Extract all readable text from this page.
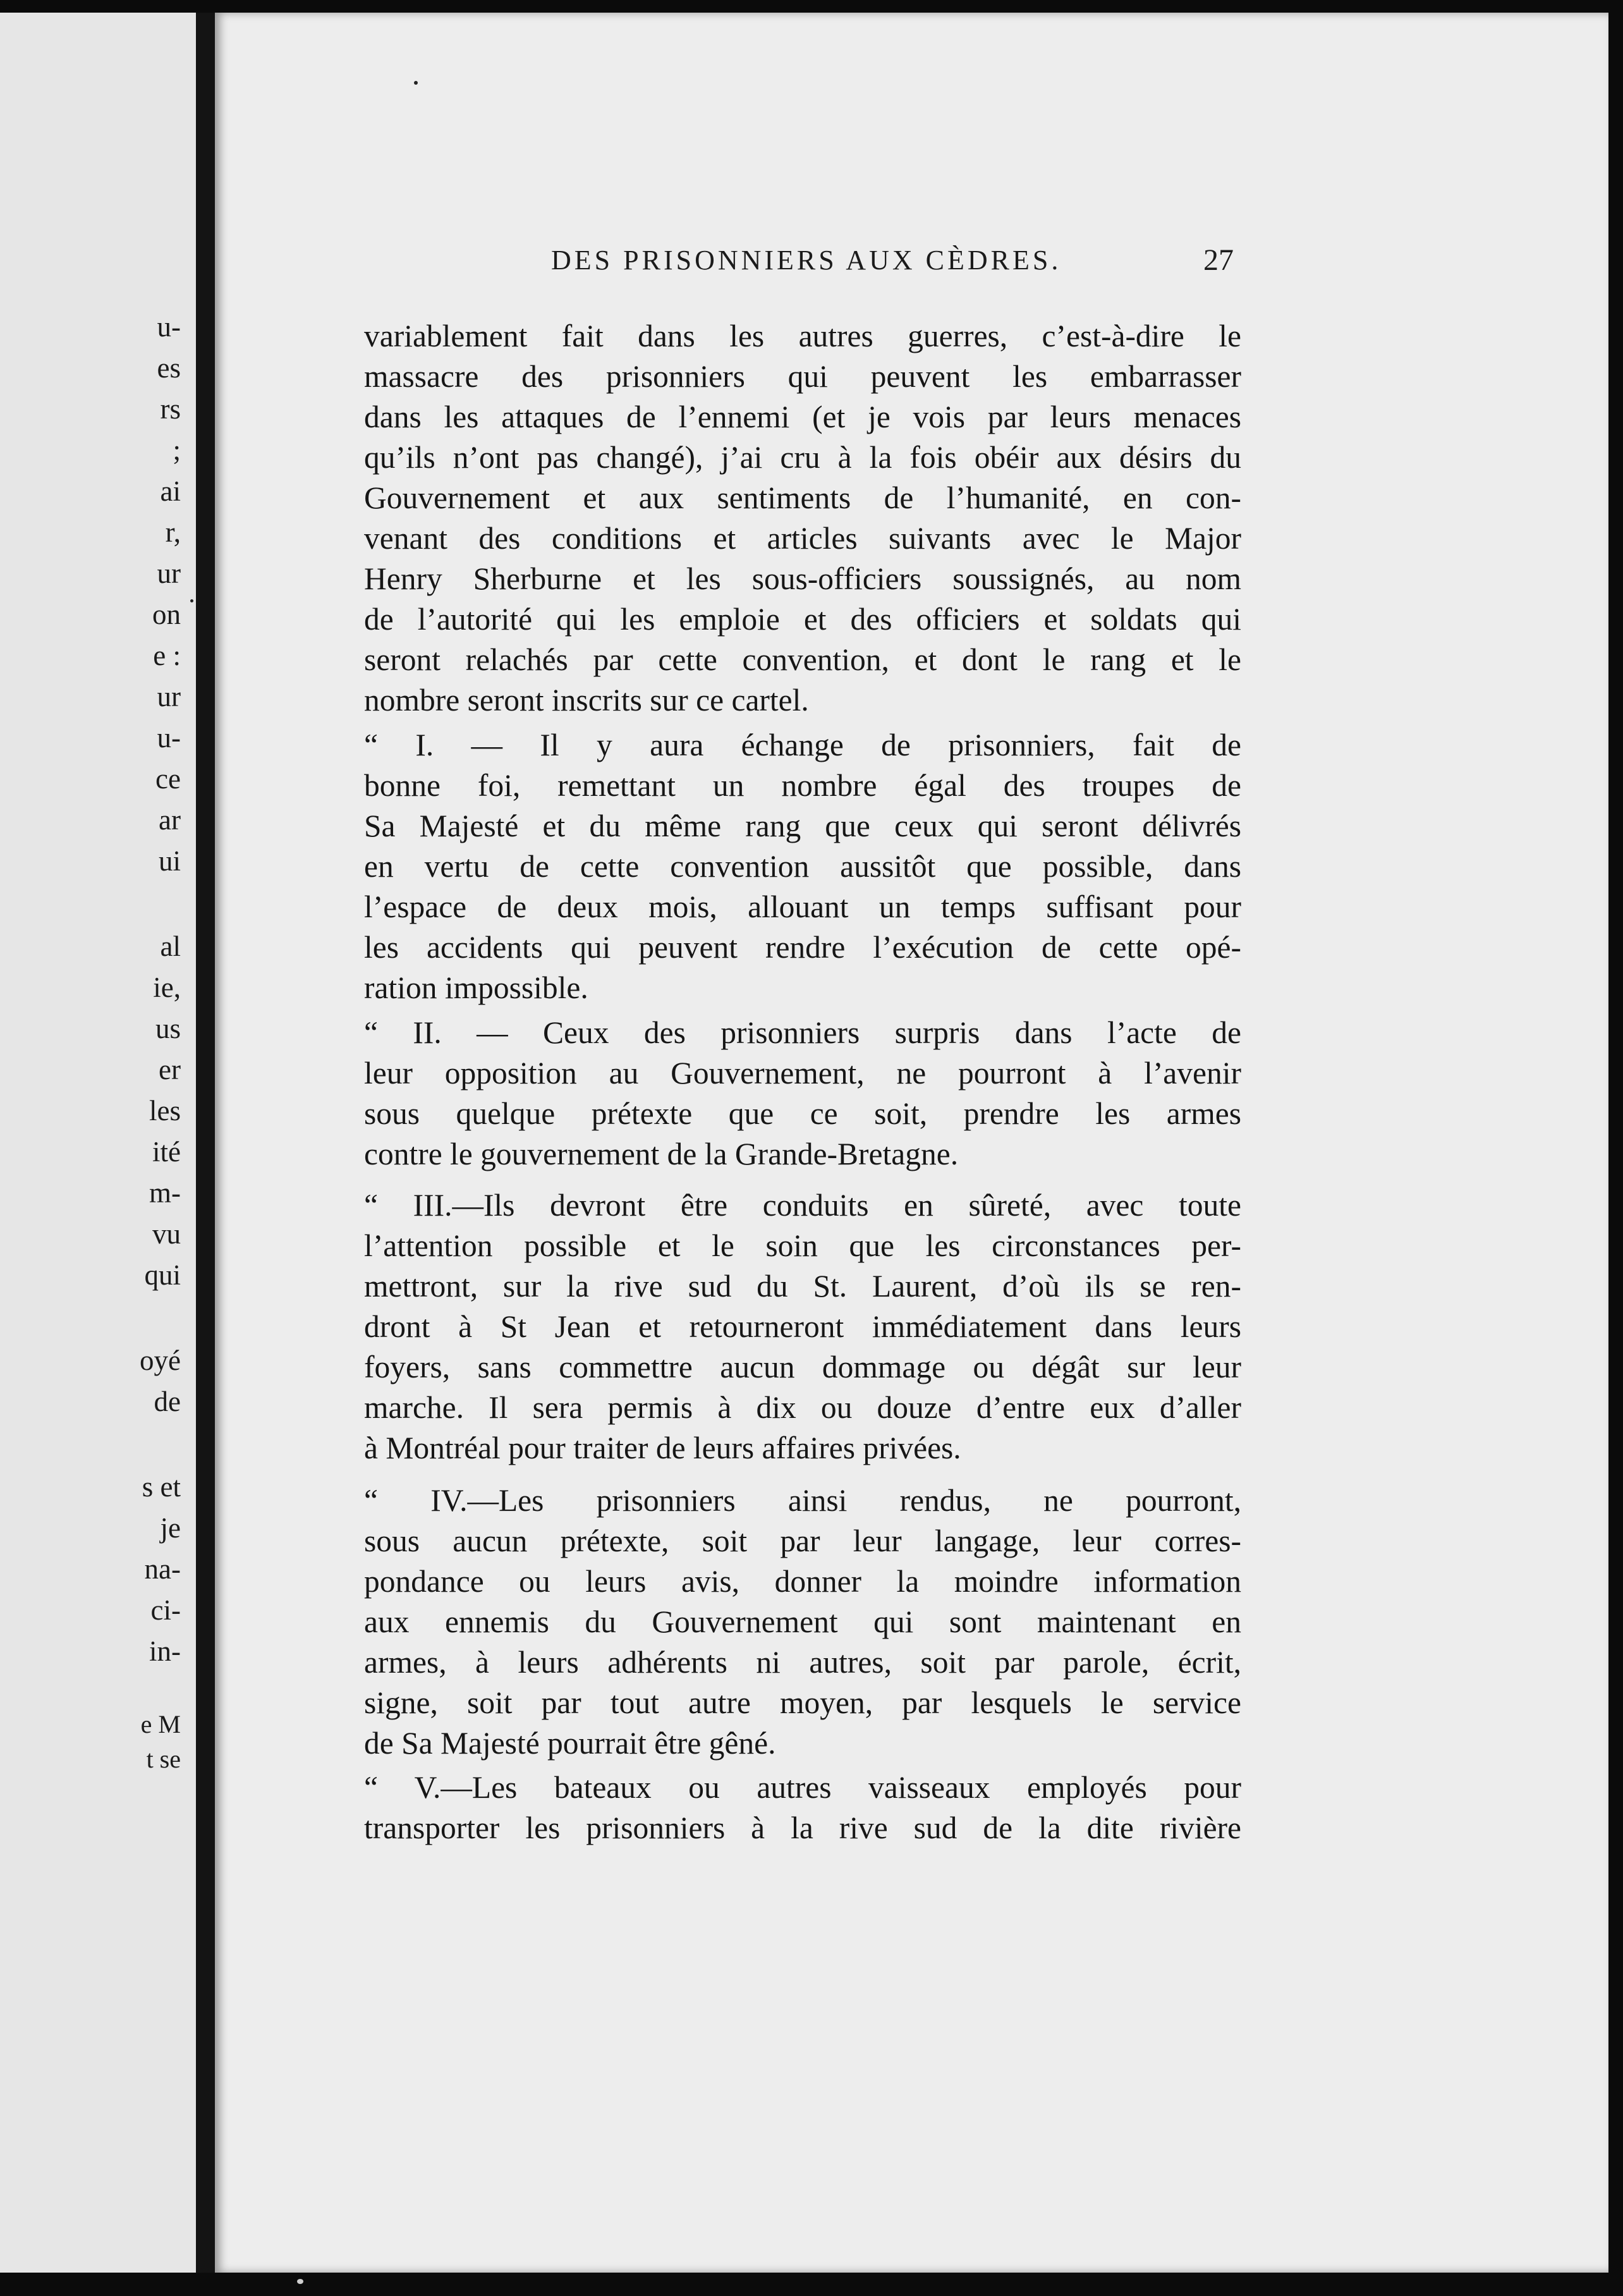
u-
es
rs
;
ai
r,
ur
on
e :
ur
u-
ce
ar
ui
al
ie,
us
er
les
ité
m-
vu
qui
oyé
de
s et
je
na-
ci-
in-
e M
t se
DES PRISONNIERS AUX CÈDRES.	27
variablement fait dans les autres guerres, c’est-à-dire le
massacre des prisonniers qui peuvent les embarrasser
dans les attaques de l’ennemi (et je vois par leurs menaces
qu’ils n’ont pas changé), j’ai cru à la fois obéir aux désirs du
Gouvernement et aux sentiments de l’humanité, en con-
venant des conditions et articles suivants avec le Major
Henry Sherburne et les sous-officiers soussignés, au nom
de l’autorité qui les emploie et des officiers et soldats qui
seront relachés par cette convention, et dont le rang et le
nombre seront inscrits sur ce cartel.
“ I. — Il y aura échange de prisonniers, fait de
bonne foi, remettant un nombre égal des troupes de
Sa Majesté et du même rang que ceux qui seront délivrés
en vertu de cette convention aussitôt que possible, dans
l’espace de deux mois, allouant un temps suffisant pour
les accidents qui peuvent rendre l’exécution de cette opé-
ration impossible.
“ II. — Ceux des prisonniers surpris dans l’acte de
leur opposition au Gouvernement, ne pourront à l’avenir
sous quelque prétexte que ce soit, prendre les armes
contre le gouvernement de la Grande-Bretagne.
“ III.—Ils devront être conduits en sûreté, avec toute
l’attention possible et le soin que les circonstances per-
mettront, sur la rive sud du St. Laurent, d’où ils se ren-
dront à St Jean et retourneront immédiatement dans leurs
foyers, sans commettre aucun dommage ou dégât sur leur
marche. Il sera permis à dix ou douze d’entre eux d’aller
à Montréal pour traiter de leurs affaires privées.
“ IV.—Les prisonniers ainsi rendus, ne pourront,
sous aucun prétexte, soit par leur langage, leur corres-
pondance ou leurs avis, donner la moindre information
aux ennemis du Gouvernement qui sont maintenant en
armes, à leurs adhérents ni autres, soit par parole, écrit,
signe, soit par tout autre moyen, par lesquels le service
de Sa Majesté pourrait être gêné.
“ V.—Les bateaux ou autres vaisseaux employés pour
transporter les prisonniers à la rive sud de la dite rivière
